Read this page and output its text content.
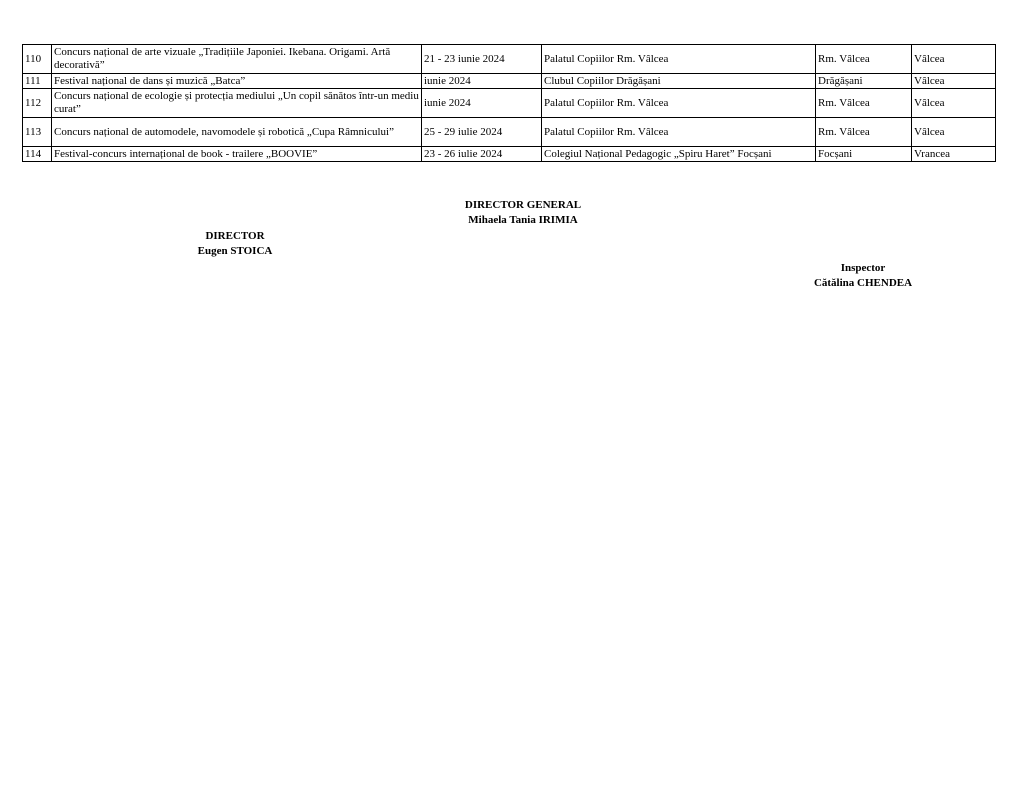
110	Concurs național de arte vizuale „Tradițiile Japoniei. Ikebana. Origami. Artă decorativă”	21 - 23 iunie 2024	Palatul Copiilor Rm. Vâlcea	Rm. Vâlcea	Vâlcea
111	Festival național de dans și muzică „Batca”	iunie 2024	Clubul Copiilor Drăgășani	Drăgășani	Vâlcea
112	Concurs național de ecologie și protecția mediului „Un copil sănătos într-un mediu curat”	iunie 2024	Palatul Copiilor Rm. Vâlcea	Rm. Vâlcea	Vâlcea
113	Concurs național de automodele, navomodele și robotică „Cupa Râmnicului”	25 - 29 iulie 2024	Palatul Copiilor Rm. Vâlcea	Rm. Vâlcea	Vâlcea
114	Festival-concurs internațional de book - trailere „BOOVIE”	23 - 26 iulie 2024	Colegiul Național Pedagogic „Spiru Haret” Focșani	Focșani	Vrancea
DIRECTOR GENERAL
Mihaela Tania IRIMIA
DIRECTOR
Eugen STOICA
Inspector
Cătălina CHENDEA
